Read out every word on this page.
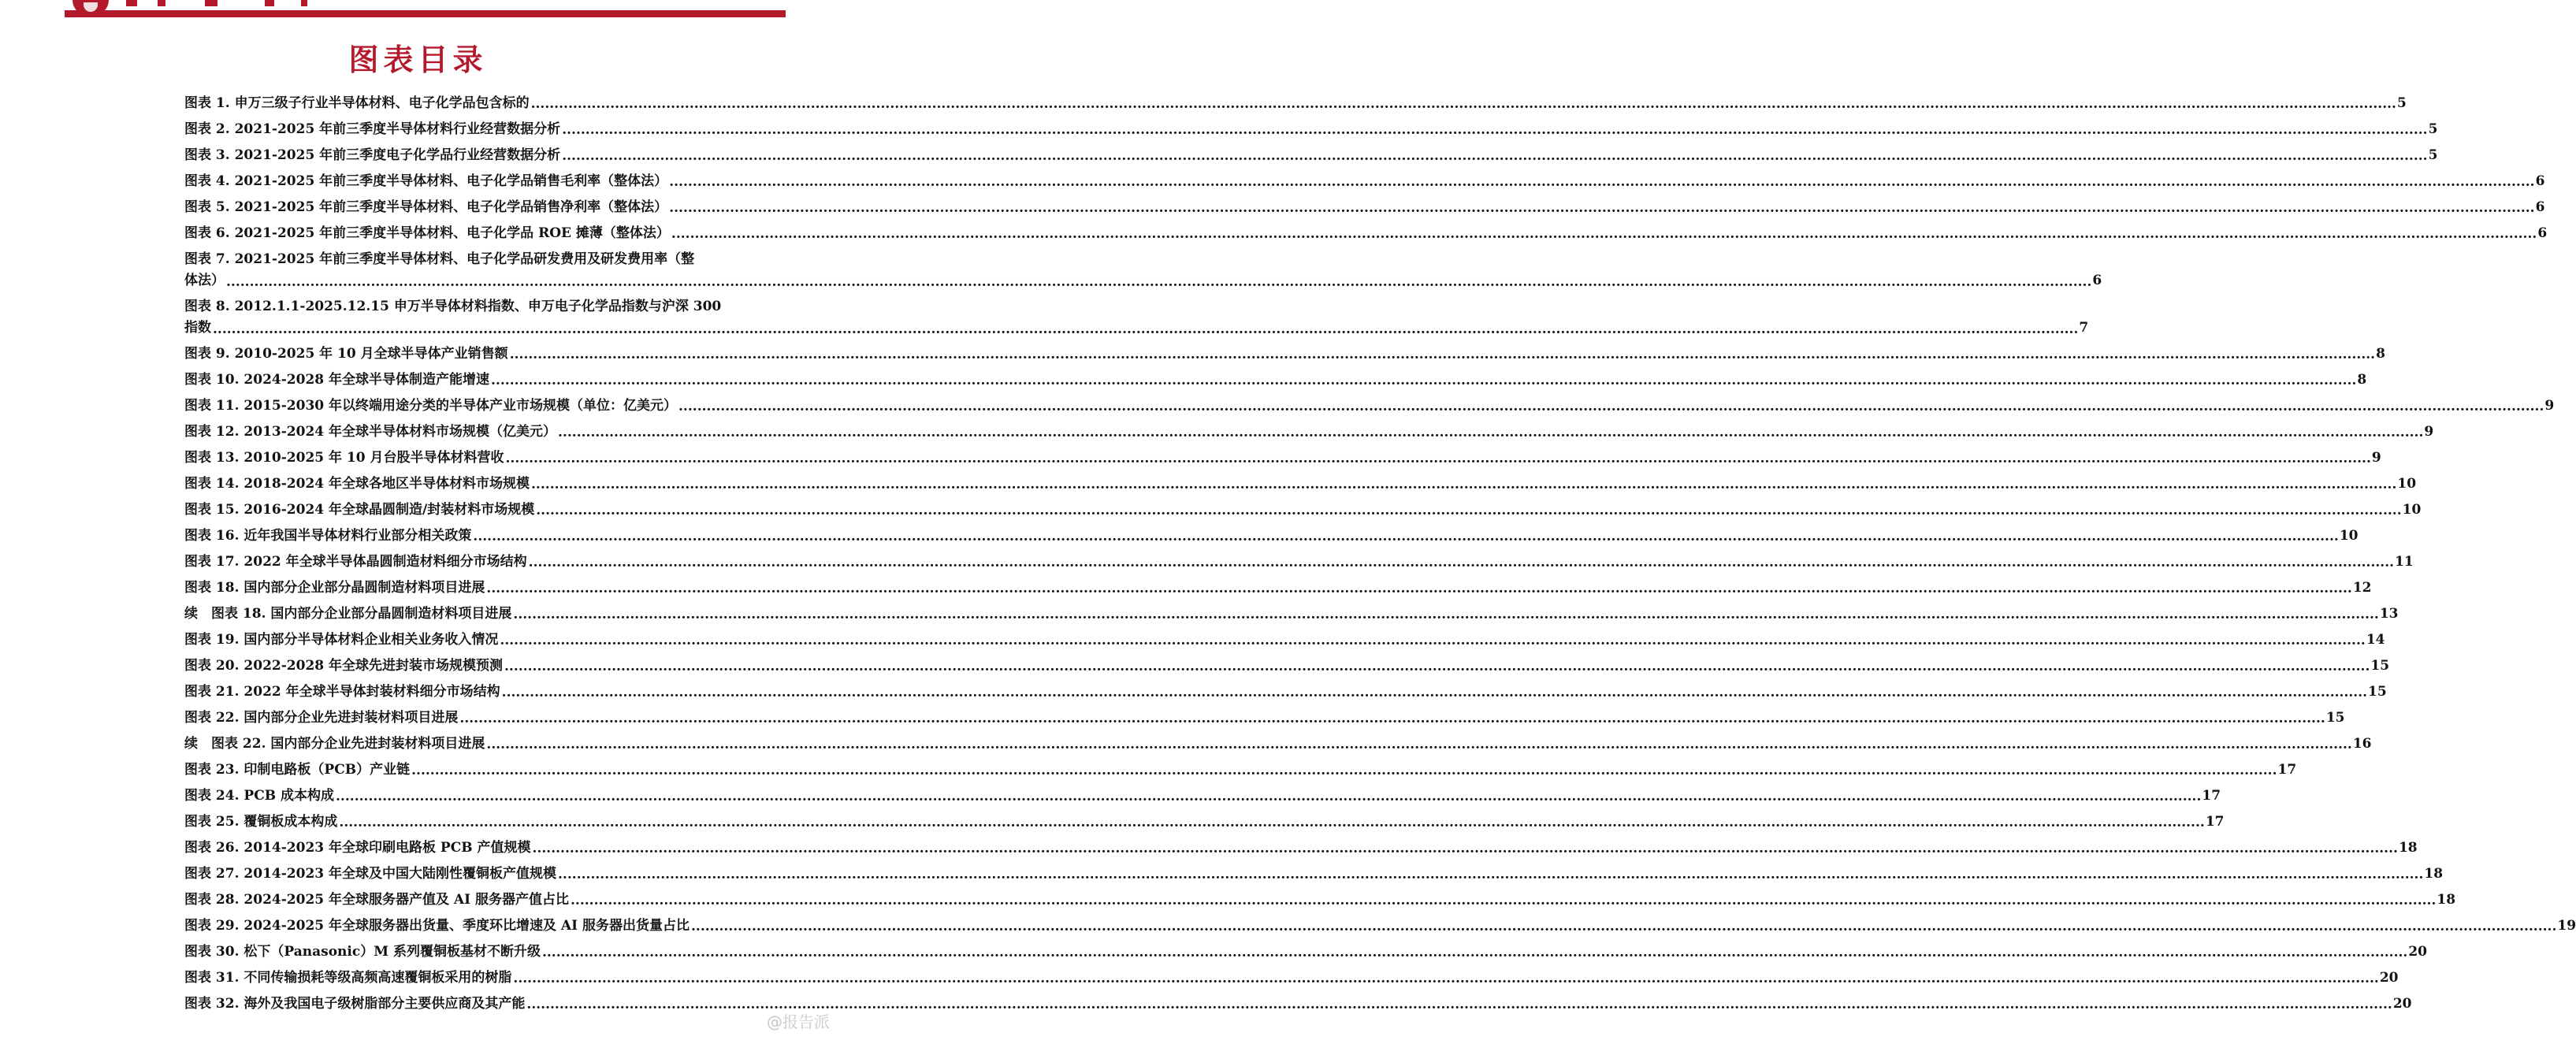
图表目录
图表 1. 申万三级子行业半导体材料、电子化学品包含标的 ................................................................................................................................................................................................................................................................................................................................................................................................................ 5
图表 2. 2021-2025 年前三季度半导体材料行业经营数据分析 ................................................................................................................................................................................................................................................................................................................................................................................................................ 5
图表 3. 2021-2025 年前三季度电子化学品行业经营数据分析 ................................................................................................................................................................................................................................................................................................................................................................................................................ 5
图表 4. 2021-2025 年前三季度半导体材料、电子化学品销售毛利率（整体法） ................................................................................................................................................................................................................................................................................................................................................................................................................ 6
图表 5. 2021-2025 年前三季度半导体材料、电子化学品销售净利率（整体法） ................................................................................................................................................................................................................................................................................................................................................................................................................ 6
图表 6. 2021-2025 年前三季度半导体材料、电子化学品 ROE 摊薄（整体法） ................................................................................................................................................................................................................................................................................................................................................................................................................ 6
图表 7. 2021-2025 年前三季度半导体材料、电子化学品研发费用及研发费用率（整
体法） ................................................................................................................................................................................................................................................................................................................................................................................................................ 6
图表 8. 2012.1.1-2025.12.15 申万半导体材料指数、申万电子化学品指数与沪深 300
指数 ................................................................................................................................................................................................................................................................................................................................................................................................................ 7
图表 9. 2010-2025 年 10 月全球半导体产业销售额 ................................................................................................................................................................................................................................................................................................................................................................................................................ 8
图表 10. 2024-2028 年全球半导体制造产能增速 ................................................................................................................................................................................................................................................................................................................................................................................................................ 8
图表 11. 2015-2030 年以终端用途分类的半导体产业市场规模（单位：亿美元） ................................................................................................................................................................................................................................................................................................................................................................................................................ 9
图表 12. 2013-2024 年全球半导体材料市场规模（亿美元） ................................................................................................................................................................................................................................................................................................................................................................................................................ 9
图表 13. 2010-2025 年 10 月台股半导体材料营收 ................................................................................................................................................................................................................................................................................................................................................................................................................ 9
图表 14. 2018-2024 年全球各地区半导体材料市场规模 ................................................................................................................................................................................................................................................................................................................................................................................................................ 10
图表 15. 2016-2024 年全球晶圆制造/封装材料市场规模 ................................................................................................................................................................................................................................................................................................................................................................................................................ 10
图表 16. 近年我国半导体材料行业部分相关政策 ................................................................................................................................................................................................................................................................................................................................................................................................................ 10
图表 17. 2022 年全球半导体晶圆制造材料细分市场结构 ................................................................................................................................................................................................................................................................................................................................................................................................................ 11
图表 18. 国内部分企业部分晶圆制造材料项目进展 ................................................................................................................................................................................................................................................................................................................................................................................................................ 12
续　图表 18. 国内部分企业部分晶圆制造材料项目进展 ................................................................................................................................................................................................................................................................................................................................................................................................................ 13
图表 19. 国内部分半导体材料企业相关业务收入情况 ................................................................................................................................................................................................................................................................................................................................................................................................................ 14
图表 20. 2022-2028 年全球先进封装市场规模预测 ................................................................................................................................................................................................................................................................................................................................................................................................................ 15
图表 21. 2022 年全球半导体封装材料细分市场结构 ................................................................................................................................................................................................................................................................................................................................................................................................................ 15
图表 22. 国内部分企业先进封装材料项目进展 ................................................................................................................................................................................................................................................................................................................................................................................................................ 15
续　图表 22. 国内部分企业先进封装材料项目进展 ................................................................................................................................................................................................................................................................................................................................................................................................................ 16
图表 23. 印制电路板（PCB）产业链 ................................................................................................................................................................................................................................................................................................................................................................................................................ 17
图表 24. PCB 成本构成 ................................................................................................................................................................................................................................................................................................................................................................................................................ 17
图表 25. 覆铜板成本构成 ................................................................................................................................................................................................................................................................................................................................................................................................................ 17
图表 26. 2014-2023 年全球印刷电路板 PCB 产值规模 ................................................................................................................................................................................................................................................................................................................................................................................................................ 18
图表 27. 2014-2023 年全球及中国大陆刚性覆铜板产值规模 ................................................................................................................................................................................................................................................................................................................................................................................................................ 18
图表 28. 2024-2025 年全球服务器产值及 AI 服务器产值占比 ................................................................................................................................................................................................................................................................................................................................................................................................................ 18
图表 29. 2024-2025 年全球服务器出货量、季度环比增速及 AI 服务器出货量占比 ................................................................................................................................................................................................................................................................................................................................................................................................................ 19
图表 30. 松下（Panasonic）M 系列覆铜板基材不断升级 ................................................................................................................................................................................................................................................................................................................................................................................................................ 20
图表 31. 不同传输损耗等级高频高速覆铜板采用的树脂 ................................................................................................................................................................................................................................................................................................................................................................................................................ 20
图表 32. 海外及我国电子级树脂部分主要供应商及其产能 ................................................................................................................................................................................................................................................................................................................................................................................................................ 20
@报告派
